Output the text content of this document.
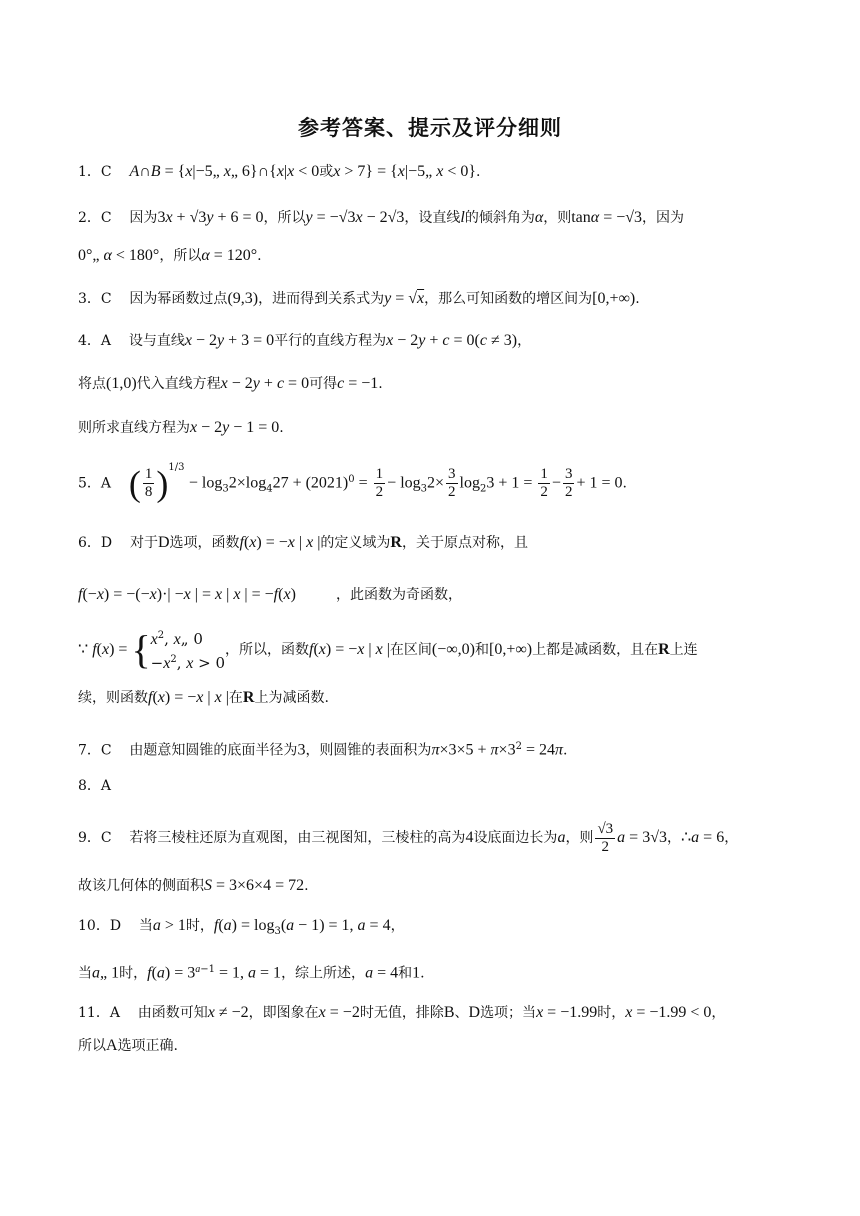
参考答案、提示及评分细则
1．C A∩B = {x|−5„ x„ 6}∩{x|x < 0或x > 7} = {x|−5„ x < 0}.
2．C    因为3x + √3y + 6 = 0，所以y = −√3x − 2√3，设直线l的倾斜角为α，则tanα = −√3，因为
0°„ α < 180°，所以α = 120°.
3．C    因为幂函数过点(9,3)，进而得到关系式为y = √x，那么可知函数的增区间为[0,+∞).
4．A    设与直线x − 2y + 3 = 0平行的直线方程为x − 2y + c = 0(c ≠ 3)，
将点(1,0)代入直线方程x − 2y + c = 0可得c = −1.
则所求直线方程为x − 2y − 1 = 0.
5．A ( $\frac{1}{8} )^{1/3} - \log_32\times\log_427 + (2021)^0 = \frac{1}{2} - \log_32\times \frac{3}{2} \log_23 + 1 = \frac{1}{2} - \frac{3}{2} + 1 = 0$.
6．D    对于D选项，函数f(x) = −x | x |的定义域为R，关于原点对称，且
f(−x) = −(−x)·| −x | = x | x | = −f(x)         ，此函数为奇函数，
∵ f(x) = { $x^2$, x„ 0
$-x^2$, x > 0
，所以，函数f(x) = −x | x |在区间(−∞,0)和[0,+∞)上都是减函数，且在R上连
续，则函数f(x) = −x | x |在R上为减函数.
7．C    由题意知圆锥的底面半径为3，则圆锥的表面积为$\pi\times 3\times 5 + \pi\times 3^2 = 24\pi$.
8．A
9．C    若将三棱柱还原为直观图，由三视图知，三棱柱的高为4设底面边长为a，则 $\frac{√3}{2}$ a = 3√3，∴a = 6，
故该几何体的侧面积S = 3×6×4 = 72.
10．D    当a > 1时，$f(a) = \log_3(a - 1) = 1$, a = 4，
当a„ 1时，$f(a) = 3^{a-1} = 1$, a = 1，综上所述，a = 4和1.
11．A    由函数可知x ≠ −2，即图象在x = −2时无值，排除B、D选项；当x = −1.99时，x = −1.99 < 0，
所以A选项正确.
